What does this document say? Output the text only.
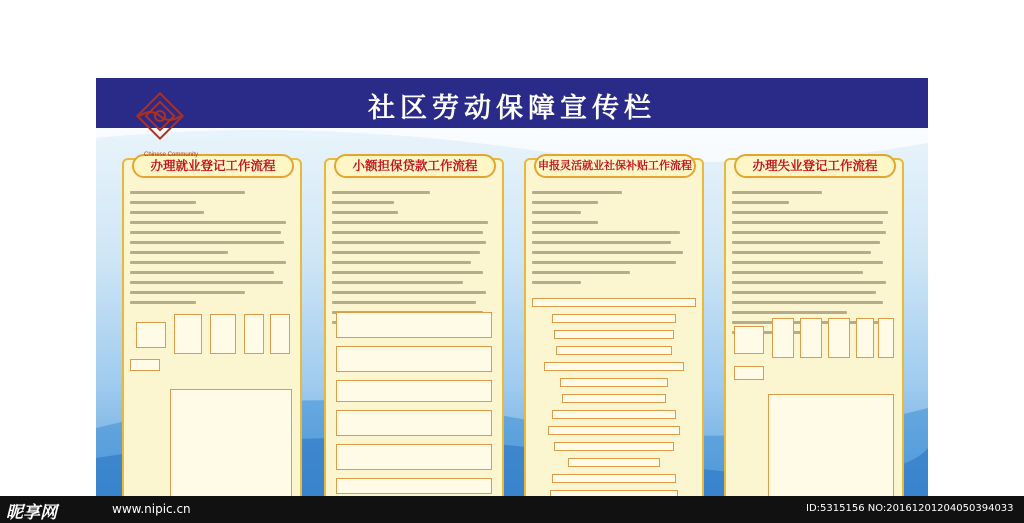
社区劳动保障宣传栏
Chinese Community
办理就业登记工作流程	小额担保贷款工作流程	申报灵活就业社保补贴工作流程	办理失业登记工作流程
昵享网	www.nipic.cn	ID:5315156 NO:20161201204050394033
